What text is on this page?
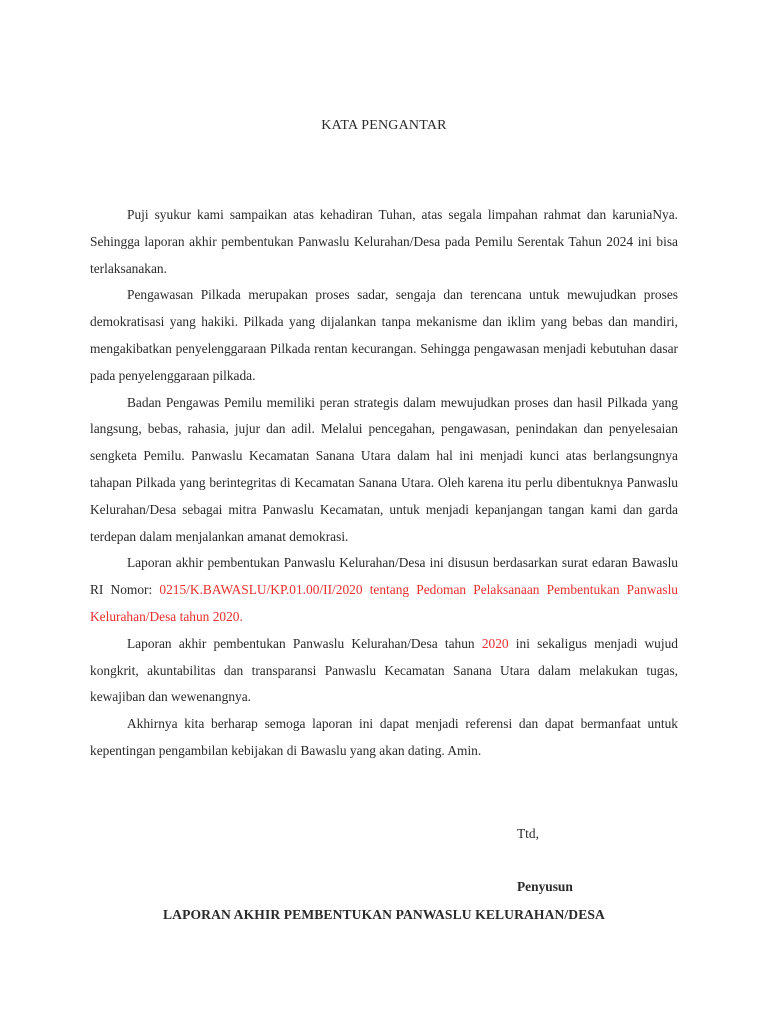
KATA PENGANTAR

Puji syukur kami sampaikan atas kehadiran Tuhan, atas segala limpahan rahmat dan karuniaNya. Sehingga laporan akhir pembentukan Panwaslu Kelurahan/Desa pada Pemilu Serentak Tahun 2024 ini bisa terlaksanakan.

Pengawasan Pilkada merupakan proses sadar, sengaja dan terencana untuk mewujudkan proses demokratisasi yang hakiki. Pilkada yang dijalankan tanpa mekanisme dan iklim yang bebas dan mandiri, mengakibatkan penyelenggaraan Pilkada rentan kecurangan. Sehingga pengawasan menjadi kebutuhan dasar pada penyelenggaraan pilkada.

Badan Pengawas Pemilu memiliki peran strategis dalam mewujudkan proses dan hasil Pilkada yang langsung, bebas, rahasia, jujur dan adil. Melalui pencegahan, pengawasan, penindakan dan penyelesaian sengketa Pemilu. Panwaslu Kecamatan Sanana Utara dalam hal ini menjadi kunci atas berlangsungnya tahapan Pilkada yang berintegritas di Kecamatan Sanana Utara. Oleh karena itu perlu dibentuknya Panwaslu Kelurahan/Desa sebagai mitra Panwaslu Kecamatan, untuk menjadi kepanjangan tangan kami dan garda terdepan dalam menjalankan amanat demokrasi.

Laporan akhir pembentukan Panwaslu Kelurahan/Desa ini disusun berdasarkan surat edaran Bawaslu RI Nomor: 0215/K.BAWASLU/KP.01.00/II/2020 tentang Pedoman Pelaksanaan Pembentukan Panwaslu Kelurahan/Desa tahun 2020.

Laporan akhir pembentukan Panwaslu Kelurahan/Desa tahun 2020 ini sekaligus menjadi wujud kongkrit, akuntabilitas dan transparansi Panwaslu Kecamatan Sanana Utara dalam melakukan tugas, kewajiban dan wewenangnya.

Akhirnya kita berharap semoga laporan ini dapat menjadi referensi dan dapat bermanfaat untuk kepentingan pengambilan kebijakan di Bawaslu yang akan dating. Amin.

Ttd,
Penyusun
LAPORAN AKHIR PEMBENTUKAN PANWASLU KELURAHAN/DESA
